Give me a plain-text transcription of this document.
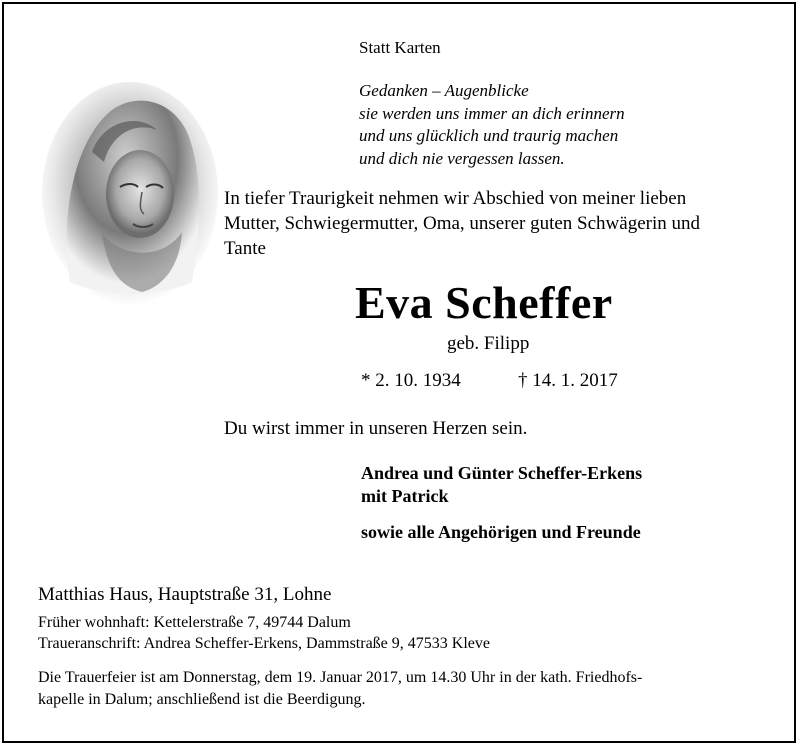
Statt Karten
Gedanken – Augenblicke
sie werden uns immer an dich erinnern
und uns glücklich und traurig machen
und dich nie vergessen lassen.
In tiefer Traurigkeit nehmen wir Abschied von meiner lieben
Mutter, Schwiegermutter, Oma, unserer guten Schwägerin und
Tante
Eva Scheffer
geb. Filipp
* 2. 10. 1934	† 14. 1. 2017
Du wirst immer in unseren Herzen sein.
Andrea und Günter Scheffer-Erkens
mit Patrick
sowie alle Angehörigen und Freunde
Matthias Haus, Hauptstraße 31, Lohne
Früher wohnhaft: Kettelerstraße 7, 49744 Dalum
Traueranschrift: Andrea Scheffer-Erkens, Dammstraße 9, 47533 Kleve
Die Trauerfeier ist am Donnerstag, dem 19. Januar 2017, um 14.30 Uhr in der kath. Friedhofs-
kapelle in Dalum; anschließend ist die Beerdigung.
